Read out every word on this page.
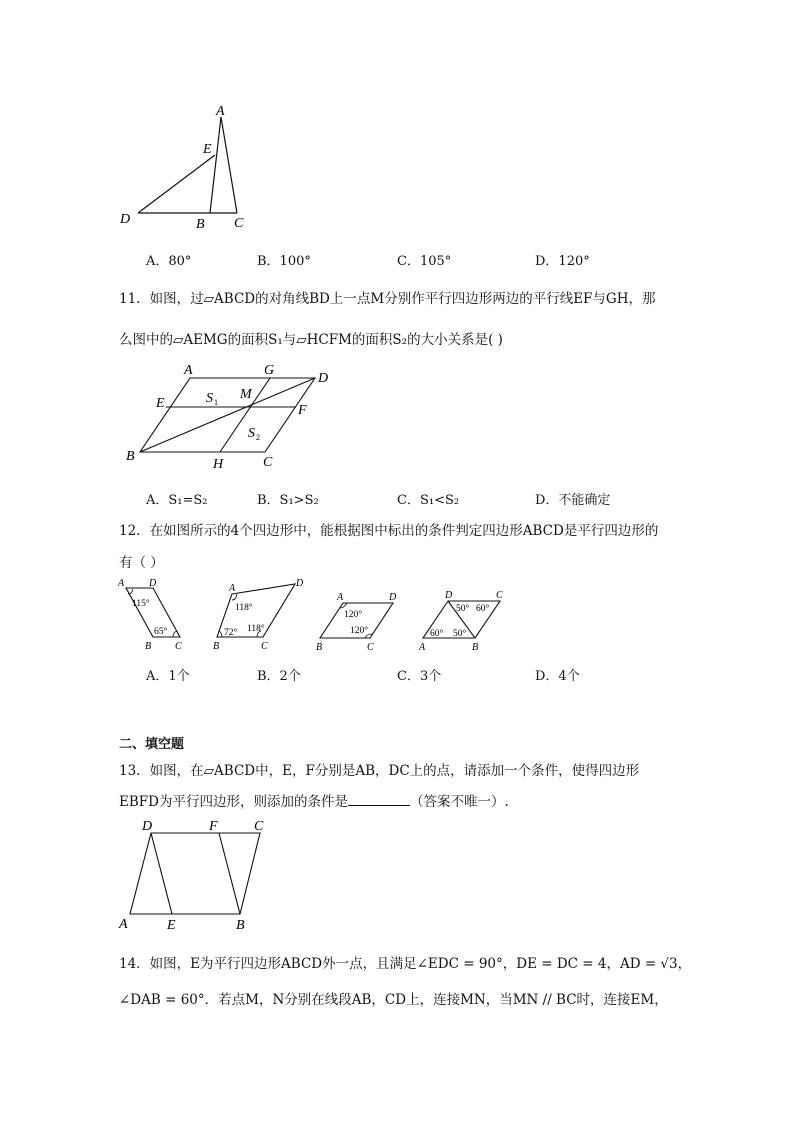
A
E
D	B C
A．80°	B．100°	C．105°	D．120°
11．如图，过▱ABCD的对角线BD上一点M分别作平行四边形两边的平行线EF与GH，那
么图中的▱AEMG的面积S₁与▱HCFM的面积S₂的大小关系是( )
A	G
D
E
M
F
B
H	C
S 1
S 2
A．S₁=S₂	B．S₁>S₂	C．S₁<S₂	D．不能确定
12．在如图所示的4个四边形中，能根据图中标出的条件判定四边形ABCD是平行四边形的
有（ ）
A D
B C
115°
65°
A	D
B	C
118°
72° 118°
A	D
B	C
120°
120°
D	C
A	B
50° 60°
60° 50°
A．1个	B．2个	C．3个	D．4个
二、填空题
13．如图，在▱ABCD中，E，F分别是AB，DC上的点，请添加一个条件，使得四边形
EBFD为平行四边形，则添加的条件是	（答案不唯一）.
D	F	C
A	E	B
14．如图，E为平行四边形ABCD外一点，且满足∠EDC = 90°，DE = DC = 4，AD = √3，
∠DAB = 60°．若点M，N分别在线段AB，CD上，连接MN，当MN // BC时，连接EM，
